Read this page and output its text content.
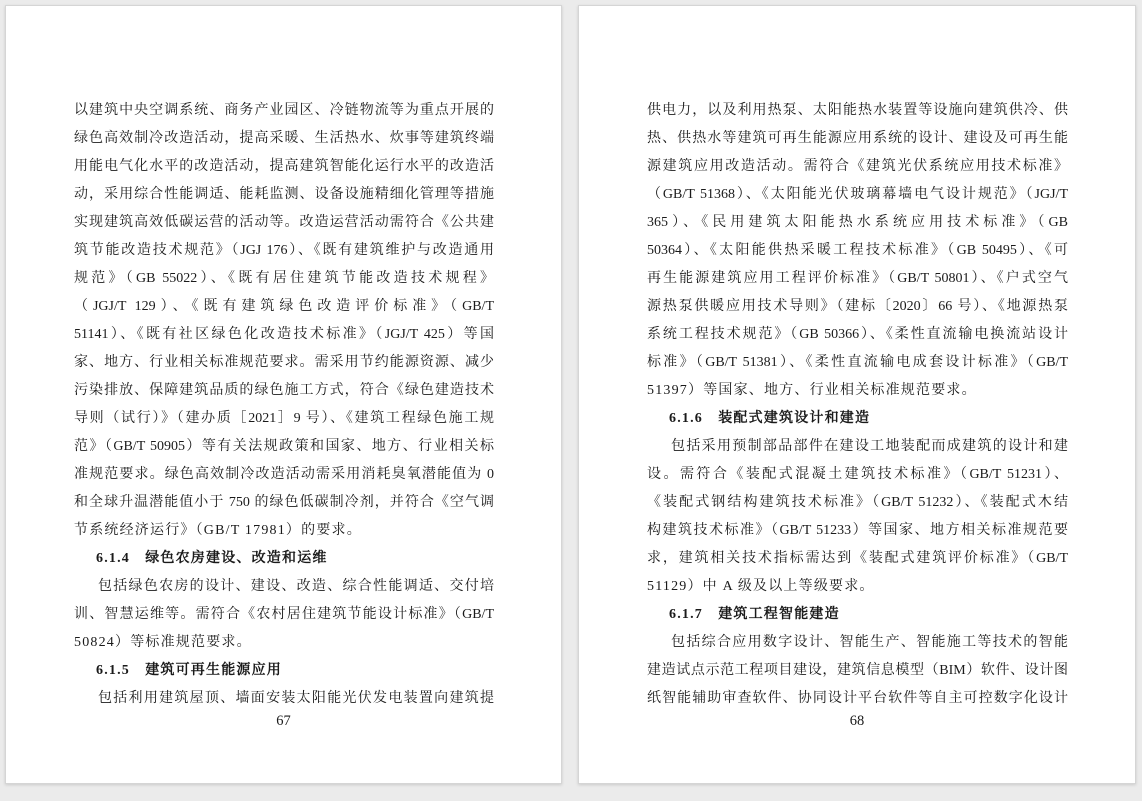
以建筑中央空调系统、商务产业园区、冷链物流等为重点开展的
绿色高效制冷改造活动，提高采暖、生活热水、炊事等建筑终端
用能电气化水平的改造活动，提高建筑智能化运行水平的改造活
动，采用综合性能调适、能耗监测、设备设施精细化管理等措施
实现建筑高效低碳运营的活动等。改造运营活动需符合《公共建
筑节能改造技术规范》（JGJ 176）、《既有建筑维护与改造通用
规范》（GB 55022）、《既有居住建筑节能改造技术规程》
（JGJ/T 129）、《既有建筑绿色改造评价标准》（GB/T
51141）、《既有社区绿色化改造技术标准》（JGJ/T 425）等国
家、地方、行业相关标准规范要求。需采用节约能源资源、减少
污染排放、保障建筑品质的绿色施工方式，符合《绿色建造技术
导则（试行）》（建办质［2021］9 号）、《建筑工程绿色施工规
范》（GB/T 50905）等有关法规政策和国家、地方、行业相关标
准规范要求。绿色高效制冷改造活动需采用消耗臭氧潜能值为 0
和全球升温潜能值小于 750 的绿色低碳制冷剂，并符合《空气调
节系统经济运行》（GB/T 17981）的要求。
6.1.4　绿色农房建设、改造和运维
包括绿色农房的设计、建设、改造、综合性能调适、交付培
训、智慧运维等。需符合《农村居住建筑节能设计标准》（GB/T
50824）等标准规范要求。
6.1.5　建筑可再生能源应用
包括利用建筑屋顶、墙面安装太阳能光伏发电装置向建筑提
67
供电力，以及利用热泵、太阳能热水装置等设施向建筑供冷、供
热、供热水等建筑可再生能源应用系统的设计、建设及可再生能
源建筑应用改造活动。需符合《建筑光伏系统应用技术标准》
（GB/T 51368）、《太阳能光伏玻璃幕墙电气设计规范》（JGJ/T
365）、《民用建筑太阳能热水系统应用技术标准》（GB
50364）、《太阳能供热采暖工程技术标准》（GB 50495）、《可
再生能源建筑应用工程评价标准》（GB/T 50801）、《户式空气
源热泵供暖应用技术导则》（建标〔2020〕66 号）、《地源热泵
系统工程技术规范》（GB 50366）、《柔性直流输电换流站设计
标准》（GB/T 51381）、《柔性直流输电成套设计标准》（GB/T
51397）等国家、地方、行业相关标准规范要求。
6.1.6　装配式建筑设计和建造
包括采用预制部品部件在建设工地装配而成建筑的设计和建
设。需符合《装配式混凝土建筑技术标准》（GB/T 51231）、
《装配式钢结构建筑技术标准》（GB/T 51232）、《装配式木结
构建筑技术标准》（GB/T 51233）等国家、地方相关标准规范要
求，建筑相关技术指标需达到《装配式建筑评价标准》（GB/T
51129）中 A 级及以上等级要求。
6.1.7　建筑工程智能建造
包括综合应用数字设计、智能生产、智能施工等技术的智能
建造试点示范工程项目建设，建筑信息模型（BIM）软件、设计图
纸智能辅助审查软件、协同设计平台软件等自主可控数字化设计
68
